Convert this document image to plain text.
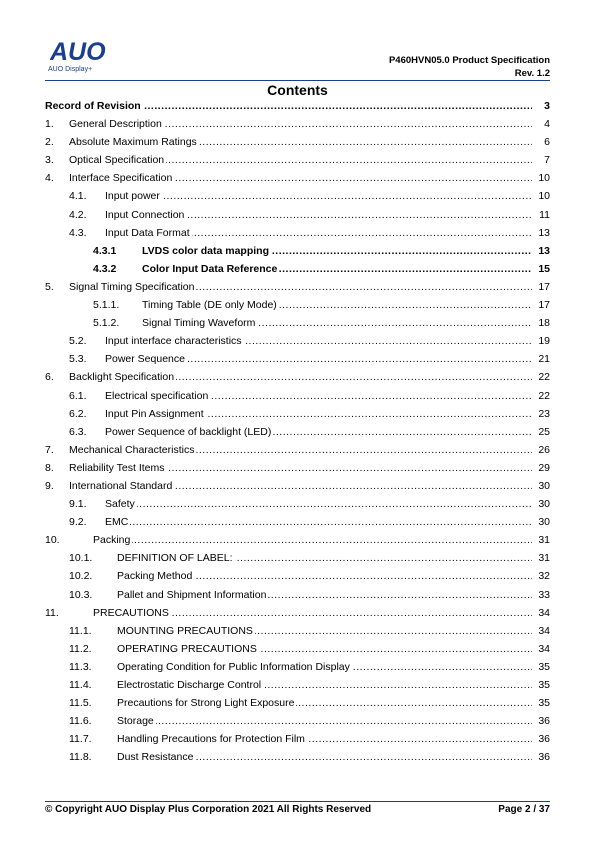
AUO
AUO Display+
P460HVN05.0 Product Specification
Rev. 1.2
Contents
Record of Revision .....	3
1. General Description .....	4
2. Absolute Maximum Ratings .....	6
3. Optical Specification .....	7
4. Interface Specification .....	10
4.1. Input power .....	10
4.2. Input Connection .....	11
4.3. Input Data Format .....	13
4.3.1 LVDS color data mapping .....	13
4.3.2 Color Input Data Reference .....	15
5. Signal Timing Specification .....	17
5.1.1. Timing Table (DE only Mode) .....	17
5.1.2. Signal Timing Waveform .....	18
5.2. Input interface characteristics .....	19
5.3. Power Sequence .....	21
6. Backlight Specification .....	22
6.1. Electrical specification .....	22
6.2. Input Pin Assignment .....	23
6.3. Power Sequence of backlight (LED) .....	25
7. Mechanical Characteristics .....	26
8. Reliability Test Items .....	29
9. International Standard .....	30
9.1. Safety .....	30
9.2. EMC .....	30
10.	Packing .....	31
10.1. DEFINITION OF LABEL: .....	31
10.2. Packing Method .....	32
10.3. Pallet and Shipment Information .....	33
11.	PRECAUTIONS .....	34
11.1. MOUNTING PRECAUTIONS .....	34
11.2. OPERATING PRECAUTIONS .....	34
11.3. Operating Condition for Public Information Display .....	35
11.4. Electrostatic Discharge Control .....	35
11.5. Precautions for Strong Light Exposure .....	35
11.6. Storage .....	36
11.7. Handling Precautions for Protection Film .....	36
11.8. Dust Resistance .....	36
© Copyright AUO Display Plus Corporation 2021 All Rights Reserved	Page 2 / 37
